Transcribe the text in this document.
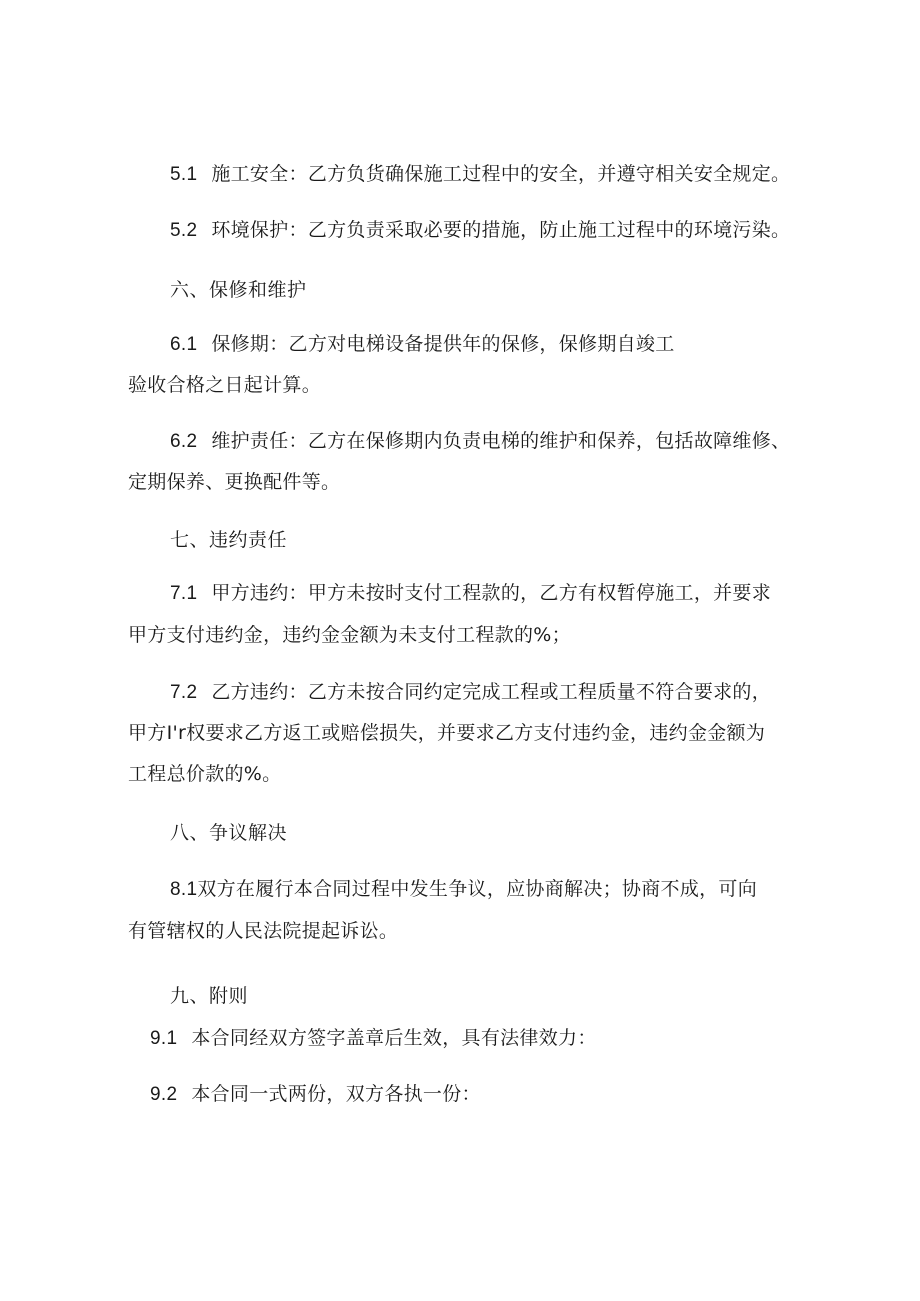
5.1 施工安全：乙方负货确保施工过程中的安全，并遵守相关安全规定。
5.2 环境保护：乙方负责采取必要的措施，防止施工过程中的环境污染。
六、保修和维护
6.1 保修期：乙方对电梯设备提供年的保修，保修期自竣工
验收合格之日起计算。
6.2 维护责任：乙方在保修期内负责电梯的维护和保养，包括故障维修、
定期保养、更换配件等。
七、违约责任
7.1 甲方违约：甲方未按时支付工程款的，乙方有权暂停施工，并要求
甲方支付违约金，违约金金额为未支付工程款的%；
7.2 乙方违约：乙方未按合同约定完成工程或工程质量不符合要求的，
甲方I'r权要求乙方返工或赔偿损失，并要求乙方支付违约金，违约金金额为
工程总价款的%。
八、争议解决
8.1双方在履行本合同过程中发生争议，应协商解决；协商不成，可向
有管辖权的人民法院提起诉讼。
九、附则
9.1 本合同经双方签字盖章后生效，具有法律效力：
9.2 本合同一式两份，双方各执一份：
